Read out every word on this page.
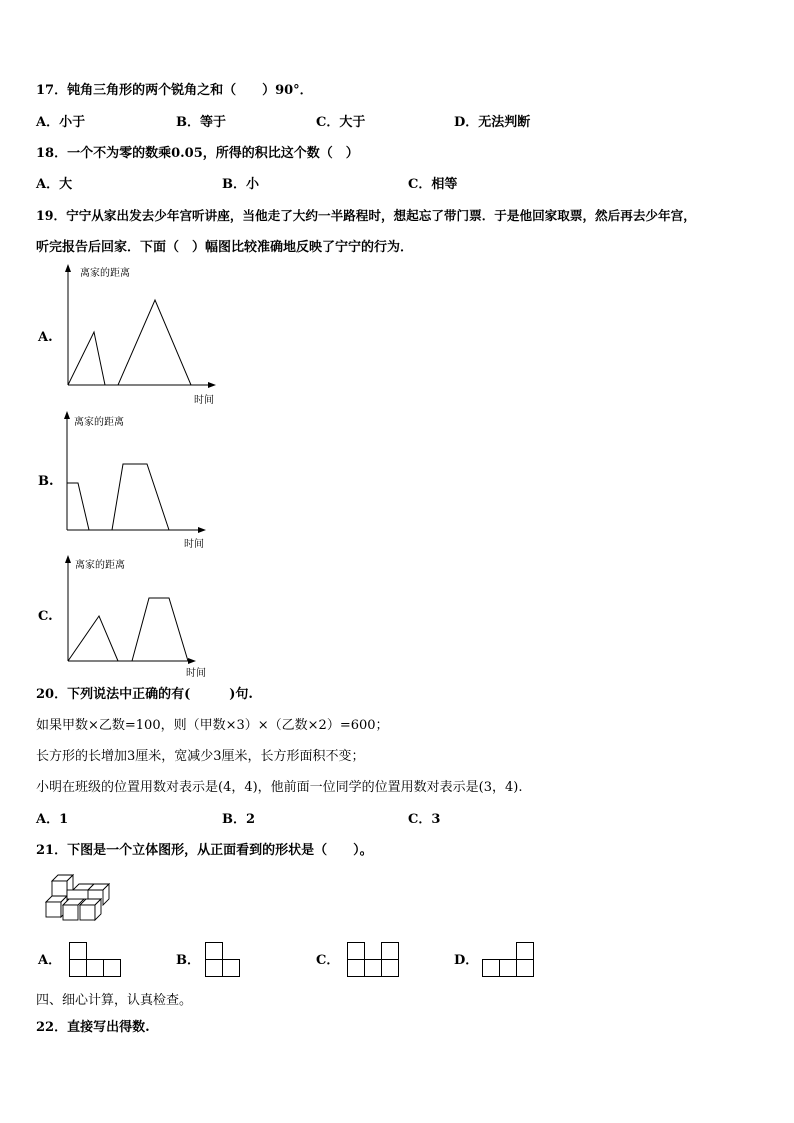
17．钝角三角形的两个锐角之和（　　）90°．
A．小于	B．等于	C．大于	D．无法判断
18．一个不为零的数乘0.05，所得的积比这个数（　）
A．大	B．小	C．相等
19．宁宁从家出发去少年宫听讲座，当他走了大约一半路程时，想起忘了带门票．于是他回家取票，然后再去少年宫，
听完报告后回家．下面（　）幅图比较准确地反映了宁宁的行为．
A.
离家的距离
时间
B.
离家的距离
时间
C.
离家的距离
时间
20．下列说法中正确的有(　　　)句.
如果甲数×乙数=100，则（甲数×3）×（乙数×2）=600；
长方形的长增加3厘米，宽减少3厘米，长方形面积不变；
小明在班级的位置用数对表示是(4，4)，他前面一位同学的位置用数对表示是(3，4).
A．1	B．2	C．3
21．下图是一个立体图形，从正面看到的形状是（　　）。
A．	B．	C．	D．
四、细心计算，认真检查。
22．直接写出得数.
